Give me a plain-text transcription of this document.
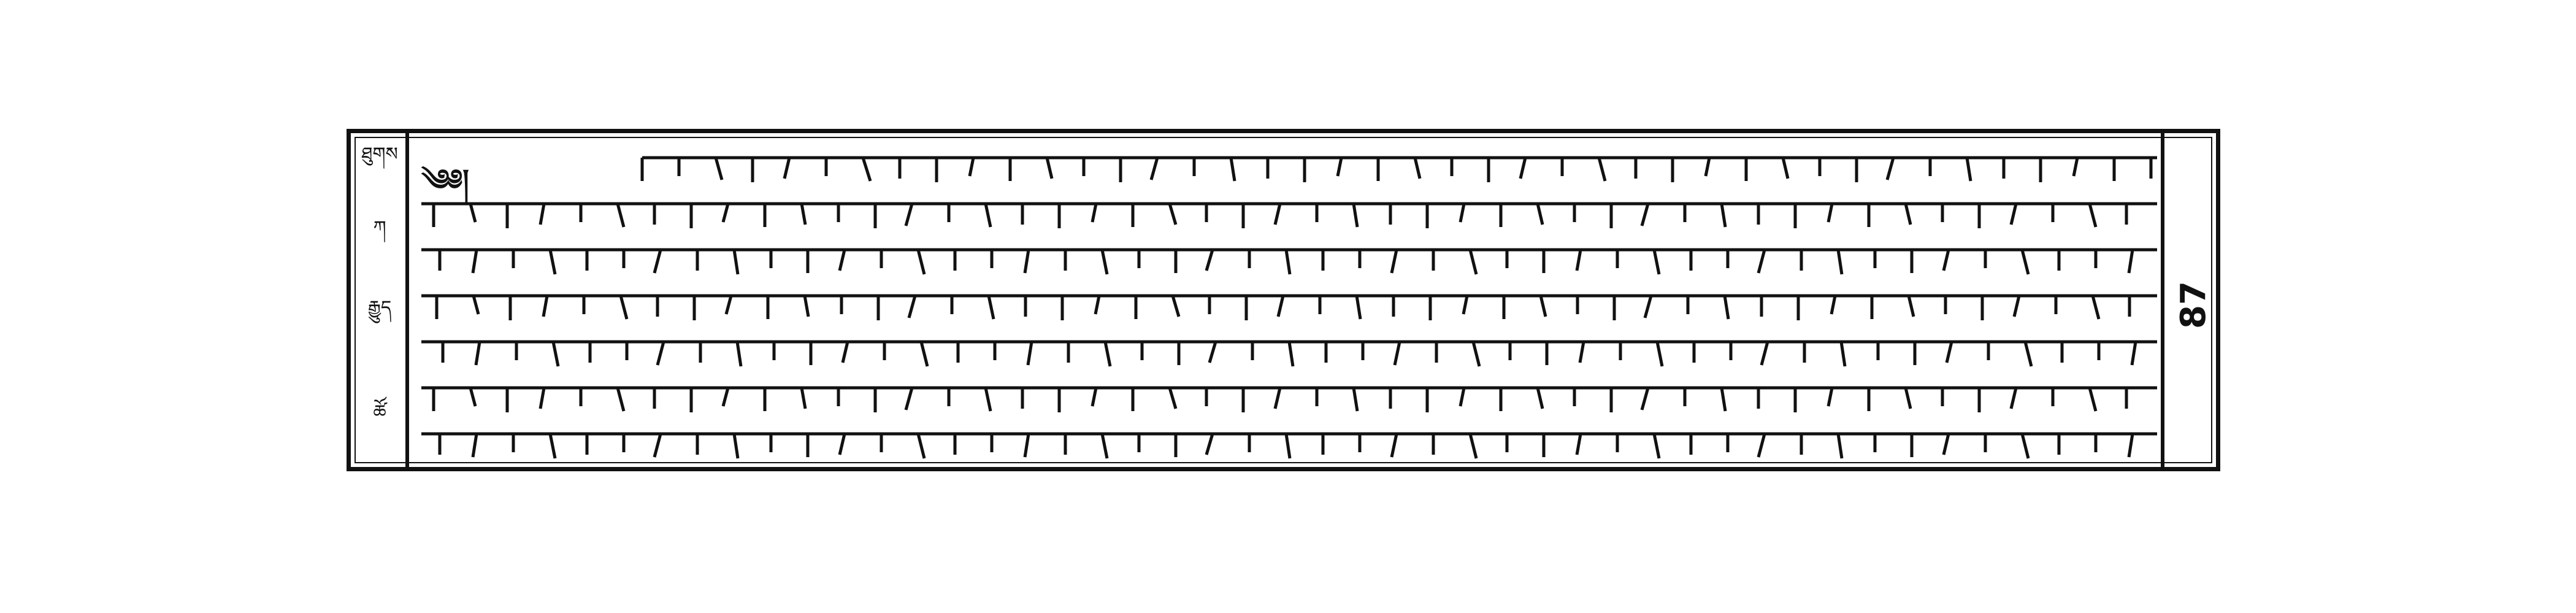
ཐུགས
ཀ
རྒྱུད
ཚོ
༄༅།
87
